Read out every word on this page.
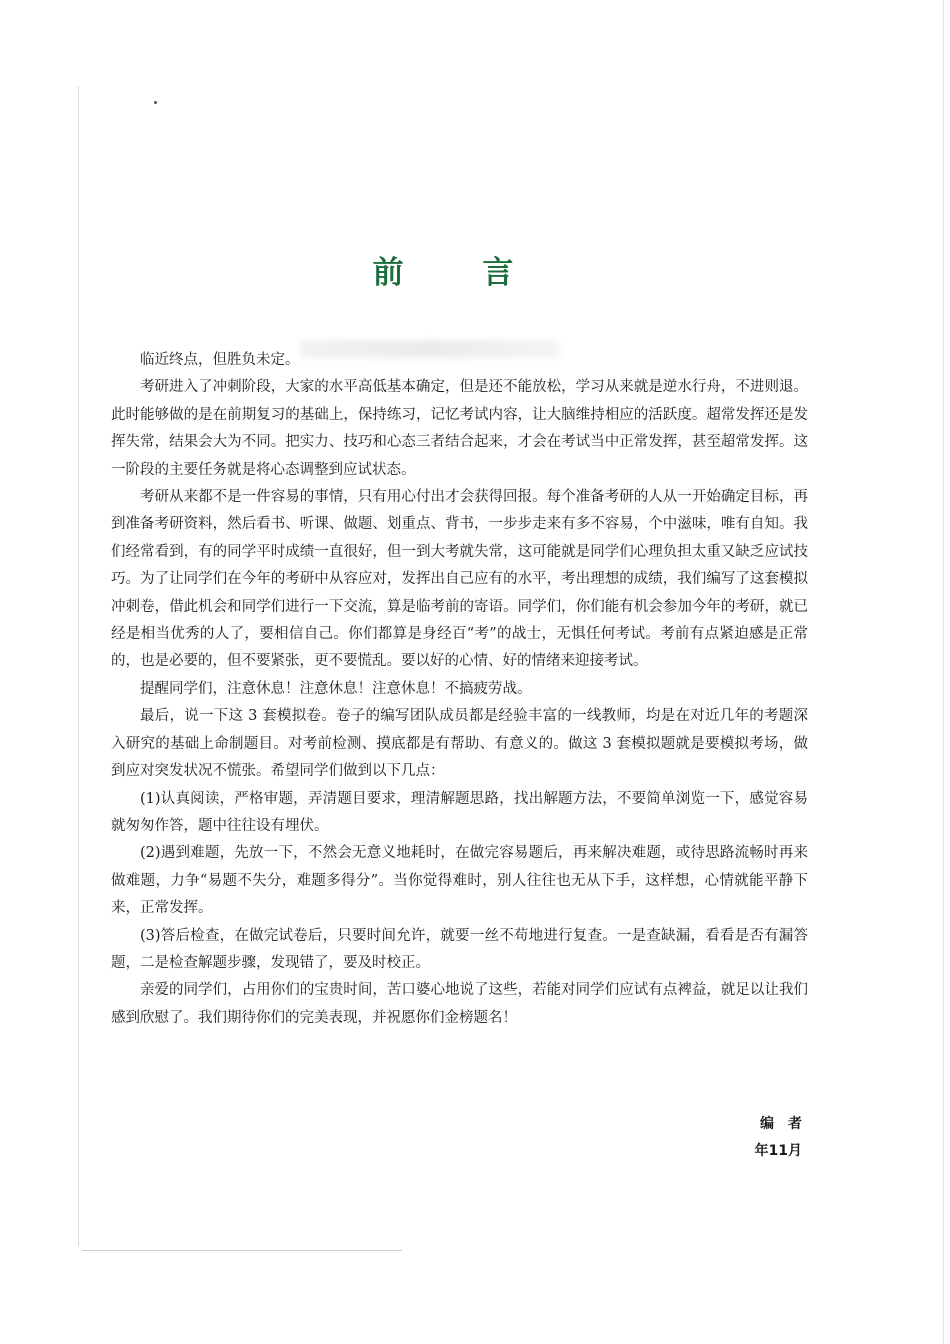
前 言

临近终点，但胜负未定。

考研进入了冲刺阶段，大家的水平高低基本确定，但是还不能放松，学习从来就是逆水行舟，不进则退。此时能够做的是在前期复习的基础上，保持练习，记忆考试内容，让大脑维持相应的活跃度。超常发挥还是发挥失常，结果会大为不同。把实力、技巧和心态三者结合起来，才会在考试当中正常发挥，甚至超常发挥。这一阶段的主要任务就是将心态调整到应试状态。

考研从来都不是一件容易的事情，只有用心付出才会获得回报。每个准备考研的人从一开始确定目标，再到准备考研资料，然后看书、听课、做题、划重点、背书，一步步走来有多不容易，个中滋味，唯有自知。我们经常看到，有的同学平时成绩一直很好，但一到大考就失常，这可能就是同学们心理负担太重又缺乏应试技巧。为了让同学们在今年的考研中从容应对，发挥出自己应有的水平，考出理想的成绩，我们编写了这套模拟冲刺卷，借此机会和同学们进行一下交流，算是临考前的寄语。同学们，你们能有机会参加今年的考研，就已经是相当优秀的人了，要相信自己。你们都算是身经百“考”的战士，无惧任何考试。考前有点紧迫感是正常的，也是必要的，但不要紧张，更不要慌乱。要以好的心情、好的情绪来迎接考试。

提醒同学们，注意休息！注意休息！注意休息！不搞疲劳战。

最后，说一下这 3 套模拟卷。卷子的编写团队成员都是经验丰富的一线教师，均是在对近几年的考题深入研究的基础上命制题目。对考前检测、摸底都是有帮助、有意义的。做这 3 套模拟题就是要模拟考场，做到应对突发状况不慌张。希望同学们做到以下几点：

(1)认真阅读，严格审题，弄清题目要求，理清解题思路，找出解题方法，不要简单浏览一下，感觉容易就匆匆作答，题中往往设有埋伏。

(2)遇到难题，先放一下，不然会无意义地耗时，在做完容易题后，再来解决难题，或待思路流畅时再来做难题，力争“易题不失分，难题多得分”。当你觉得难时，别人往往也无从下手，这样想，心情就能平静下来，正常发挥。

(3)答后检查，在做完试卷后，只要时间允许，就要一丝不苟地进行复查。一是查缺漏，看看是否有漏答题，二是检查解题步骤，发现错了，要及时校正。

亲爱的同学们，占用你们的宝贵时间，苦口婆心地说了这些，若能对同学们应试有点裨益，就足以让我们感到欣慰了。我们期待你们的完美表现，并祝愿你们金榜题名！

编者
年11月
